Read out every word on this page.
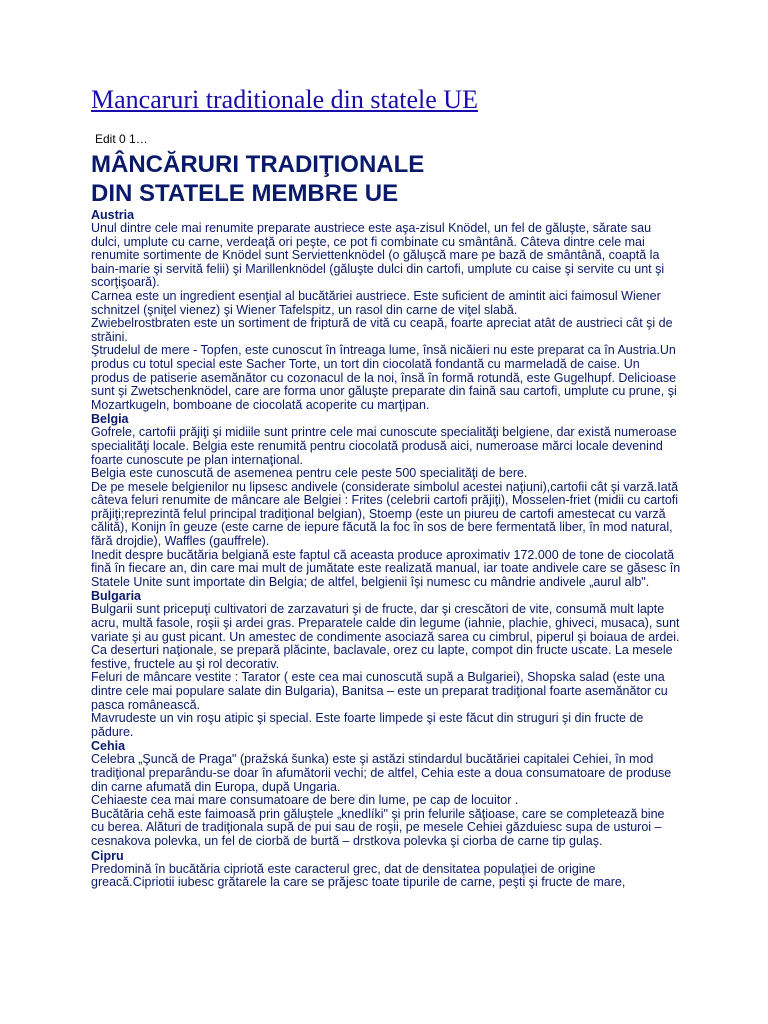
Mancaruri traditionale din statele UE

Edit 0 1…

MÂNCĂRURI TRADIŢIONALE
DIN STATELE MEMBRE UE
Austria

Unul dintre cele mai renumite preparate austriece este aşa-zisul Knödel, un fel de găluşte, sărate sau dulci, umplute cu carne, verdeaţă ori peşte, ce pot fi combinate cu smântână. Câteva dintre cele mai renumite sortimente de Knödel sunt Serviettenknödel (o găluşcă mare pe bază de smântână, coaptă la bain-marie şi servită felii) şi Marillenknödel (găluşte dulci din cartofi, umplute cu caise şi servite cu unt şi scorţişoară).

Carnea este un ingredient esenţial al bucătăriei austriece. Este suficient de amintit aici faimosul Wiener schnitzel (şniţel vienez) şi Wiener Tafelspitz, un rasol din carne de viţel slabă.

Zwiebelrostbraten este un sortiment de friptură de vită cu ceapă, foarte apreciat atât de austrieci cât şi de străini.

Ştrudelul de mere - Topfen, este cunoscut în întreaga lume, însă nicăieri nu este preparat ca în Austria.Un produs cu totul special este Sacher Torte, un tort din ciocolată fondantă cu marmeladă de caise. Un produs de patiserie asemănător cu cozonacul de la noi, însă în formă rotundă, este Gugelhupf. Delicioase sunt şi Zwetschenknödel, care are forma unor găluşte preparate din faină sau cartofi, umplute cu prune, şi Mozartkugeln, bomboane de ciocolată acoperite cu marţipan.

Belgia

Gofrele, cartofii prăjiţi şi midiile sunt printre cele mai cunoscute specialităţi belgiene, dar există numeroase specialităţi locale. Belgia este renumită pentru ciocolată produsă aici, numeroase mărci locale devenind foarte cunoscute pe plan internaţional.

Belgia este cunoscută de asemenea pentru cele peste 500 specialităţi de bere.

De pe mesele belgienilor nu lipsesc andivele (considerate simbolul acestei naţiuni),cartofii cât şi varză.Iată câteva feluri renumite de mâncare ale Belgiei : Frites (celebrii cartofi prăjiţi), Mosselen-friet (midii cu cartofi prăjiţi;reprezintă felul principal tradiţional belgian), Stoemp (este un piureu de cartofi amestecat cu varză călită), Konijn în geuze (este carne de iepure făcută la foc în sos de bere fermentată liber, în mod natural, fără drojdie), Waffles (gauffrele).

Inedit despre bucătăria belgiană este faptul că aceasta produce aproximativ 172.000 de tone de ciocolată fină în fiecare an, din care mai mult de jumătate este realizată manual, iar toate andivele care se găsesc în Statele Unite sunt importate din Belgia; de altfel, belgienii îşi numesc cu mândrie andivele „aurul alb".

Bulgaria

Bulgarii sunt pricepuţi cultivatori de zarzavaturi şi de fructe, dar şi crescători de vite, consumă mult lapte acru, multă fasole, roşii şi ardei gras. Preparatele calde din legume (iahnie, plachie, ghiveci, musaca), sunt variate şi au gust picant. Un amestec de condimente asociază sarea cu cimbrul, piperul şi boiaua de ardei. Ca deserturi naţionale, se prepară plăcinte, baclavale, orez cu lapte, compot din fructe uscate. La mesele festive, fructele au şi rol decorativ.

Feluri de mâncare vestite : Tarator ( este cea mai cunoscută supă a Bulgariei), Shopska salad (este una dintre cele mai populare salate din Bulgaria), Banitsa – este un preparat tradiţional foarte asemănător cu pasca românească.

Mavrudeste un vin roşu atipic şi special. Este foarte limpede şi este făcut din struguri şi din fructe de pădure.

Cehia

Celebra „Şuncă de Praga" (pražská šunka) este şi astăzi stindardul bucătăriei capitalei Cehiei, în mod tradiţional preparându-se doar în afumătorii vechi; de altfel, Cehia este a doua consumatoare de produse din carne afumată din Europa, după Ungaria.

Cehiaeste cea mai mare consumatoare de bere din lume, pe cap de locuitor .

Bucătăria cehă este faimoasă prin găluştele „knedlíki" şi prin felurile săţioase, care se completează bine cu berea. Alături de tradiţionala supă de pui sau de roşii, pe mesele Cehiei găzduiesc supa de usturoi – cesnakova polevka, un fel de ciorbă de burtă – drstkova polevka şi ciorba de carne tip gulaş.

Cipru

Predomină în bucătăria cipriotă este caracterul grec, dat de densitatea populaţiei de origine greacă.Cipriotii iubesc grătarele la care se prăjesc toate tipurile de carne, peşti şi fructe de mare,
